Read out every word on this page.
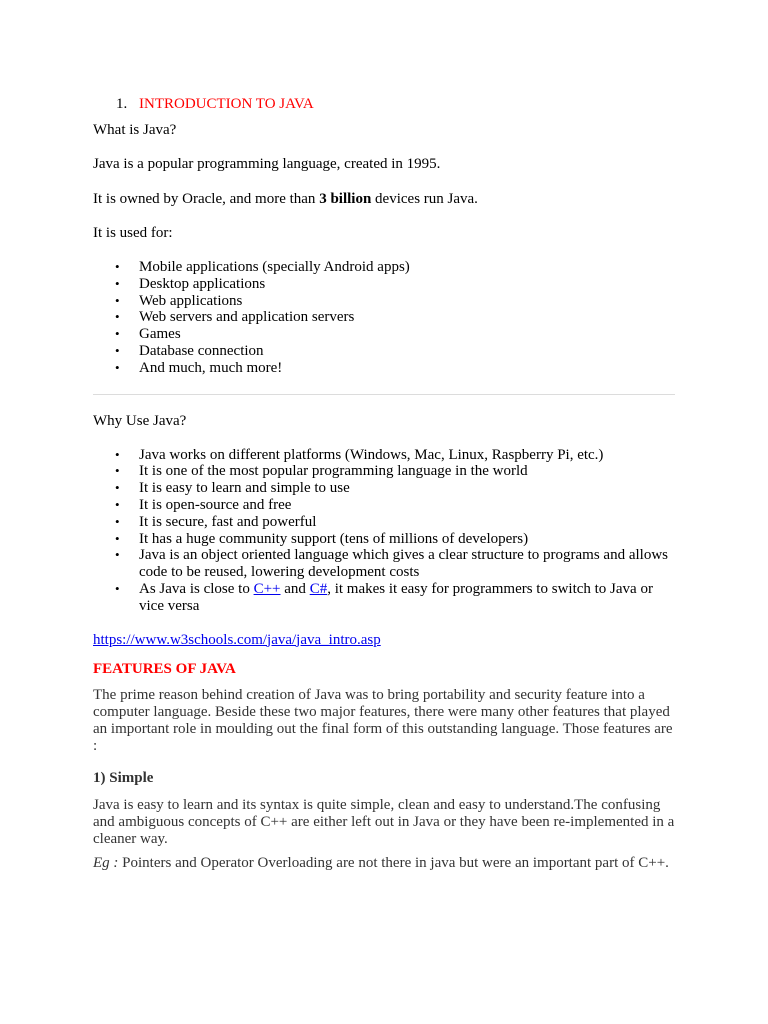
1. INTRODUCTION TO JAVA

What is Java?

Java is a popular programming language, created in 1995.

It is owned by Oracle, and more than 3 billion devices run Java.

It is used for:

• Mobile applications (specially Android apps)
• Desktop applications
• Web applications
• Web servers and application servers
• Games
• Database connection
• And much, much more!

Why Use Java?

• Java works on different platforms (Windows, Mac, Linux, Raspberry Pi, etc.)
• It is one of the most popular programming language in the world
• It is easy to learn and simple to use
• It is open-source and free
• It is secure, fast and powerful
• It has a huge community support (tens of millions of developers)
• Java is an object oriented language which gives a clear structure to programs and allows code to be reused, lowering development costs
• As Java is close to C++ and C#, it makes it easy for programmers to switch to Java or vice versa

https://www.w3schools.com/java/java_intro.asp

FEATURES OF JAVA

The prime reason behind creation of Java was to bring portability and security feature into a computer language. Beside these two major features, there were many other features that played an important role in moulding out the final form of this outstanding language. Those features are :

1) Simple

Java is easy to learn and its syntax is quite simple, clean and easy to understand.The confusing and ambiguous concepts of C++ are either left out in Java or they have been re-implemented in a cleaner way.

Eg : Pointers and Operator Overloading are not there in java but were an important part of C++.
